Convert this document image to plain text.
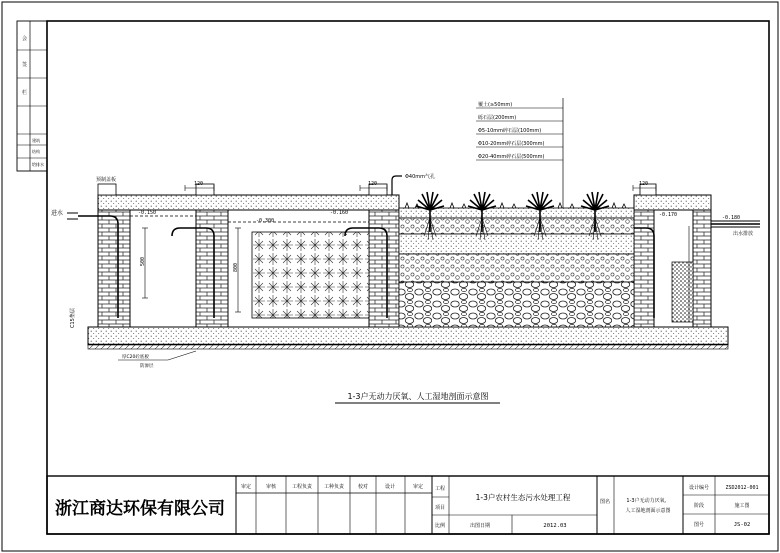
会
签
栏
建筑
结构
给排水
C15垫层
覆土(≥50mm)
砾石层(200mm)
Φ5-10mm碎石层(100mm)
Φ10-20mm碎石层(300mm)
Φ20-40mm碎石层(500mm)
进水
出水排放
预制盖板	Φ40mm气孔
120	120	120
-0.150
-0.300
-0.160	-0.170	-0.180
500
800
厚C20砼底板
防渗层
1-3户无动力厌氧、人工湿地剖面示意图
浙江商达环保有限公司
审定	审核	工程负责 工种负责	校对	设计	审定 工程
项目
比例
1-3户农村生态污水处理工程
出图日期	2012.03
图名	1-3户无动力厌氧、
人工湿地剖面示意图
设计编号	ZSD2012-001
阶段	施工图
图号	JS-02
